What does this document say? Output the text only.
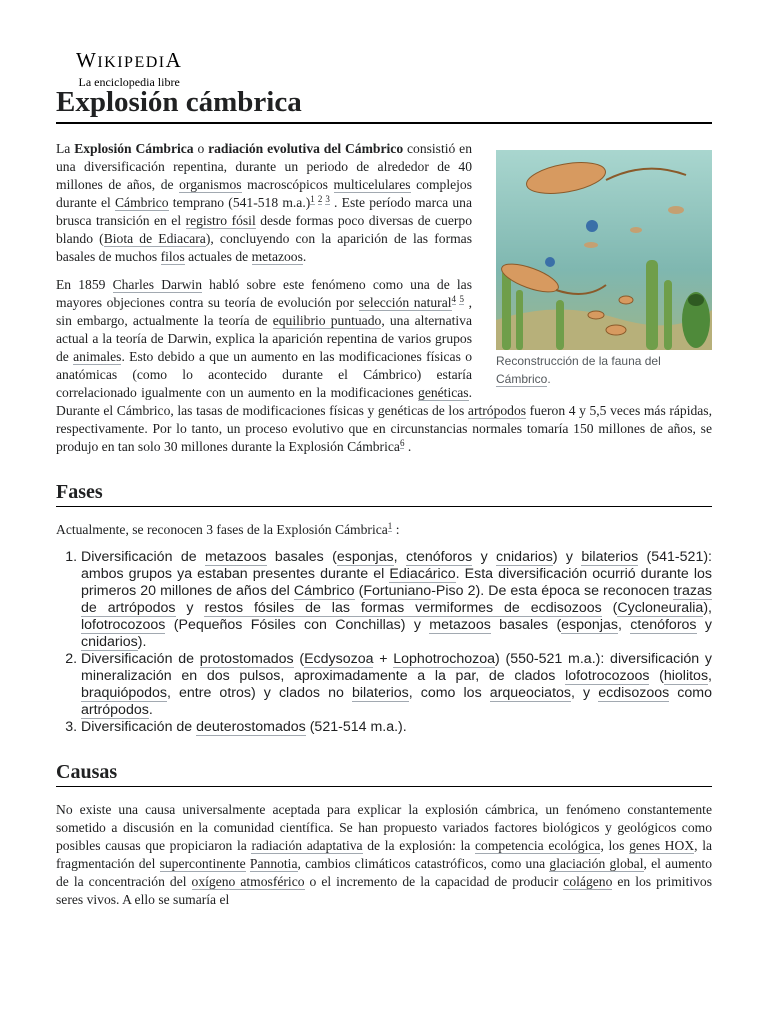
WIKIPEDIA
La enciclopedia libre
Explosión cámbrica
Reconstrucción de la fauna del Cámbrico.

La Explosión Cámbrica o radiación evolutiva del Cámbrico consistió en una diversificación repentina, durante un periodo de alrededor de 40 millones de años, de organismos macroscópicos multicelulares complejos durante el Cámbrico temprano (541-518 m.a.)$^{1 2 3}$ . Este período marca una brusca transición en el registro fósil desde formas poco diversas de cuerpo blando (Biota de Ediacara), concluyendo con la aparición de las formas basales de muchos filos actuales de metazoos.

En 1859 Charles Darwin habló sobre este fenómeno como una de las mayores objeciones contra su teoría de evolución por selección natural$^{4 5}$ , sin embargo, actualmente la teoría de equilibrio puntuado, una alternativa actual a la teoría de Darwin, explica la aparición repentina de varios grupos de animales. Esto debido a que un aumento en las modificaciones físicas o anatómicas (como lo acontecido durante el Cámbrico) estaría correlacionado igualmente con un aumento en la modificaciones genéticas. Durante el Cámbrico, las tasas de modificaciones físicas y genéticas de los artrópodos fueron 4 y 5,5 veces más rápidas, respectivamente. Por lo tanto, un proceso evolutivo que en circunstancias normales tomaría 150 millones de años, se produjo en tan solo 30 millones durante la Explosión Cámbrica$^6$ .

Fases

Actualmente, se reconocen 3 fases de la Explosión Cámbrica$^1$ :

1. Diversificación de metazoos basales (esponjas, ctenóforos y cnidarios) y bilaterios (541-521): ambos grupos ya estaban presentes durante el Ediacárico. Esta diversificación ocurrió durante los primeros 20 millones de años del Cámbrico (Fortuniano-Piso 2). De esta época se reconocen trazas de artrópodos y restos fósiles de las formas vermiformes de ecdisozoos (Cycloneuralia), lofotrocozoos (Pequeños Fósiles con Conchillas) y metazoos basales (esponjas, ctenóforos y cnidarios).
2. Diversificación de protostomados (Ecdysozoa + Lophotrochozoa) (550-521 m.a.): diversificación y mineralización en dos pulsos, aproximadamente a la par, de clados lofotrocozoos (hiolitos, braquiópodos, entre otros) y clados no bilaterios, como los arqueociatos, y ecdisozoos como artrópodos.
3. Diversificación de deuterostomados (521-514 m.a.).
Causas

No existe una causa universalmente aceptada para explicar la explosión cámbrica, un fenómeno constantemente sometido a discusión en la comunidad científica. Se han propuesto variados factores biológicos y geológicos como posibles causas que propiciaron la radiación adaptativa de la explosión: la competencia ecológica, los genes HOX, la fragmentación del supercontinente Pannotia, cambios climáticos catastróficos, como una glaciación global, el aumento de la concentración del oxígeno atmosférico o el incremento de la capacidad de producir colágeno en los primitivos seres vivos. A ello se sumaría el
